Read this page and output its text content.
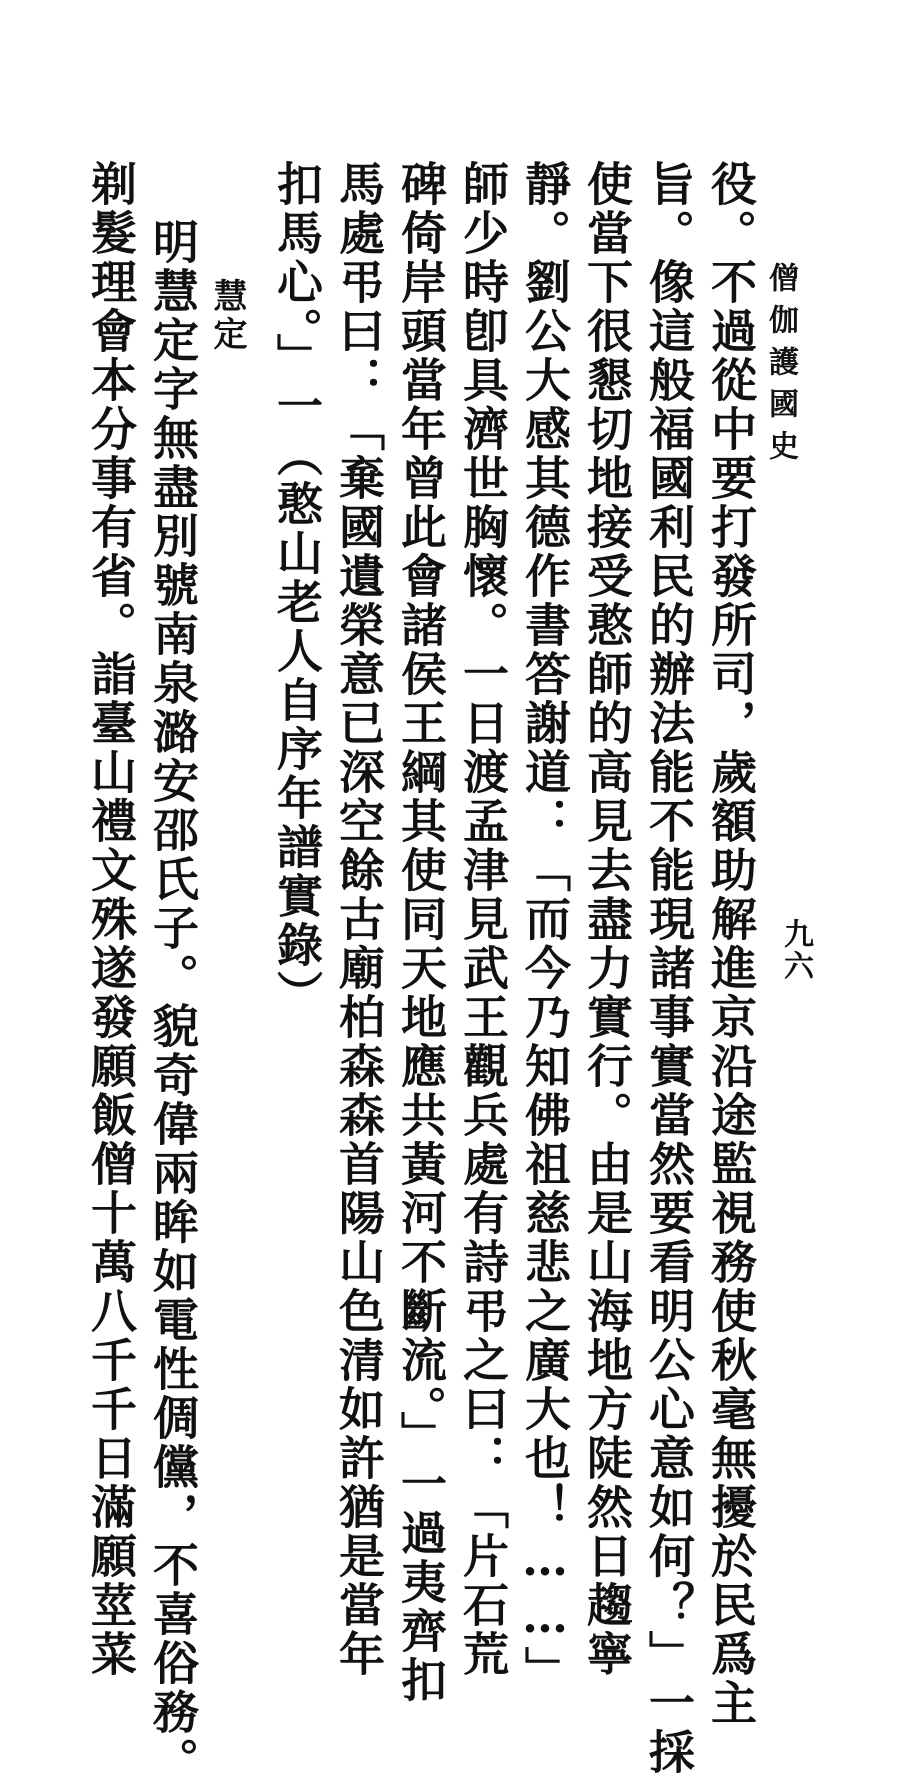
僧伽護國史
九六
役。不過從中要打發所司，歲額助解進京沿途監視務使秋毫無擾於民爲主
旨。像這般福國利民的辦法能不能現諸事實當然要看明公心意如何？」一採
使當下很懇切地接受憨師的高見去盡力實行。由是山海地方陡然日趨寧
靜。劉公大感其德作書答謝道：「而今乃知佛祖慈悲之廣大也！……」
師少時卽具濟世胸懷。一日渡孟津見武王觀兵處有詩弔之曰：「片石荒
碑倚岸頭當年曾此會諸侯王綱其使同天地應共黃河不斷流。」一過夷齊扣
馬處弔曰：「棄國遺榮意已深空餘古廟柏森森首陽山色清如許猶是當年
扣馬心。」一（憨山老人自序年譜實錄）
慧定
明慧定字無盡別號南泉潞安邵氏子。貌奇偉兩眸如電性倜儻，不喜俗務。
剃髮理會本分事有省。詣臺山禮文殊遂發願飯僧十萬八千千日滿願莖菜
